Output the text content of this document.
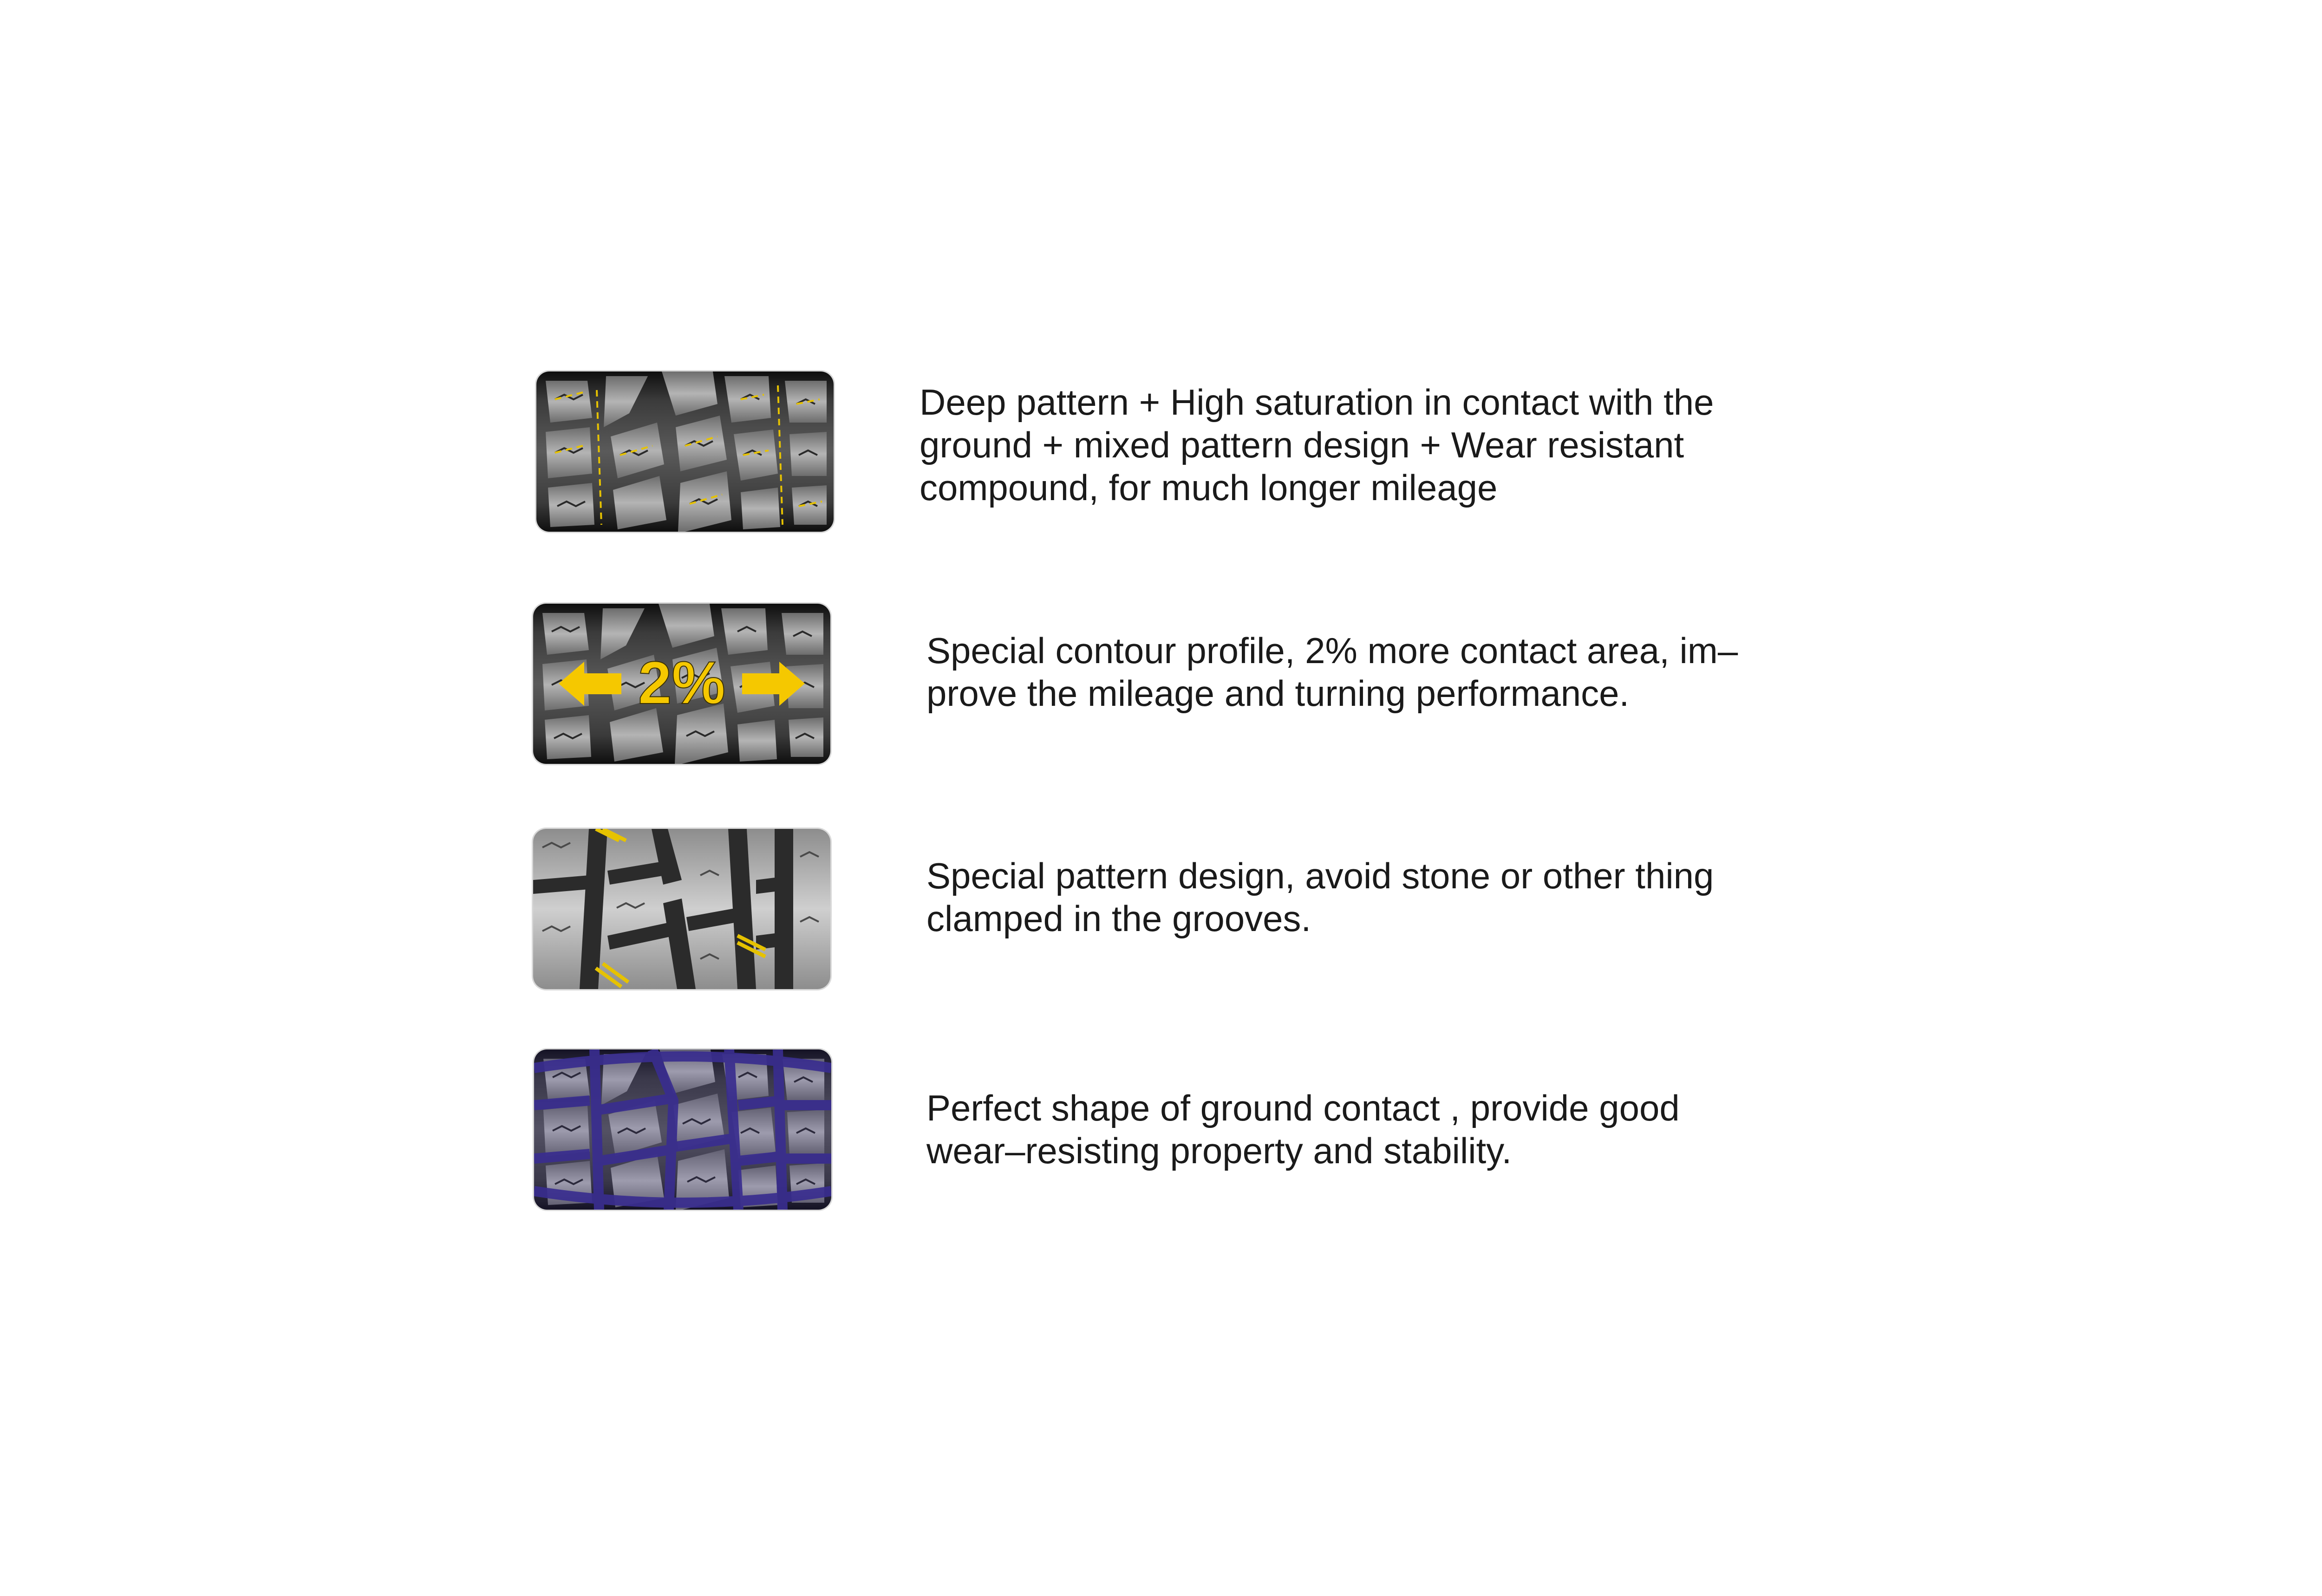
Deep pattern + High saturation in contact with the
ground + mixed pattern design + Wear resistant
compound, for much longer mileage

2%	Special contour profile, 2% more contact area, im–
prove the mileage and turning performance.

Special pattern design, avoid stone or other thing
clamped in the grooves.

Perfect shape of ground contact , provide good
wear–resisting property and stability.
